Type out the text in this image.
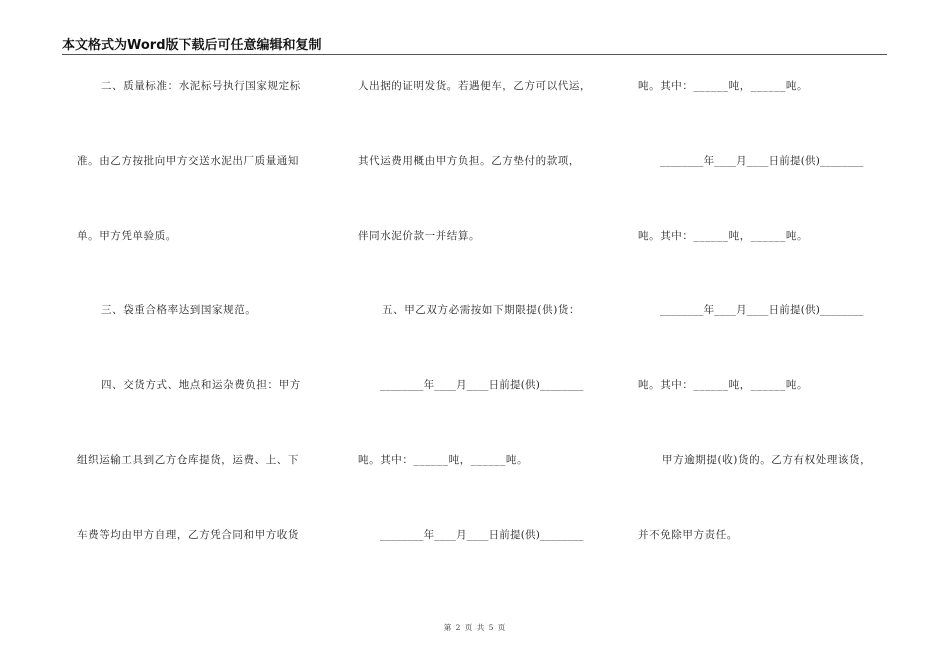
本文格式为Word版下载后可任意编辑和复制
二、质量标准：水泥标号执行国家规定标
准。由乙方按批向甲方交送水泥出厂质量通知
单。甲方凭单验质。
三、袋重合格率达到国家规范。
四、交货方式、地点和运杂费负担：甲方
组织运输工具到乙方仓库提货，运费、上、下
车费等均由甲方自理，乙方凭合同和甲方收货
人出据的证明发货。若遇便车，乙方可以代运，
其代运费用概由甲方负担。乙方垫付的款项，
伴同水泥价款一并结算。
五、甲乙双方必需按如下期限提(供)货：
________年____月____日前提(供)________
吨。其中：______吨，______吨。
________年____月____日前提(供)________
吨。其中：______吨，______吨。
________年____月____日前提(供)________
吨。其中：______吨，______吨。
________年____月____日前提(供)________
吨。其中：______吨，______吨。
甲方逾期提(收)货的。乙方有权处理该货，
并不免除甲方责任。
第 2 页 共 5 页
